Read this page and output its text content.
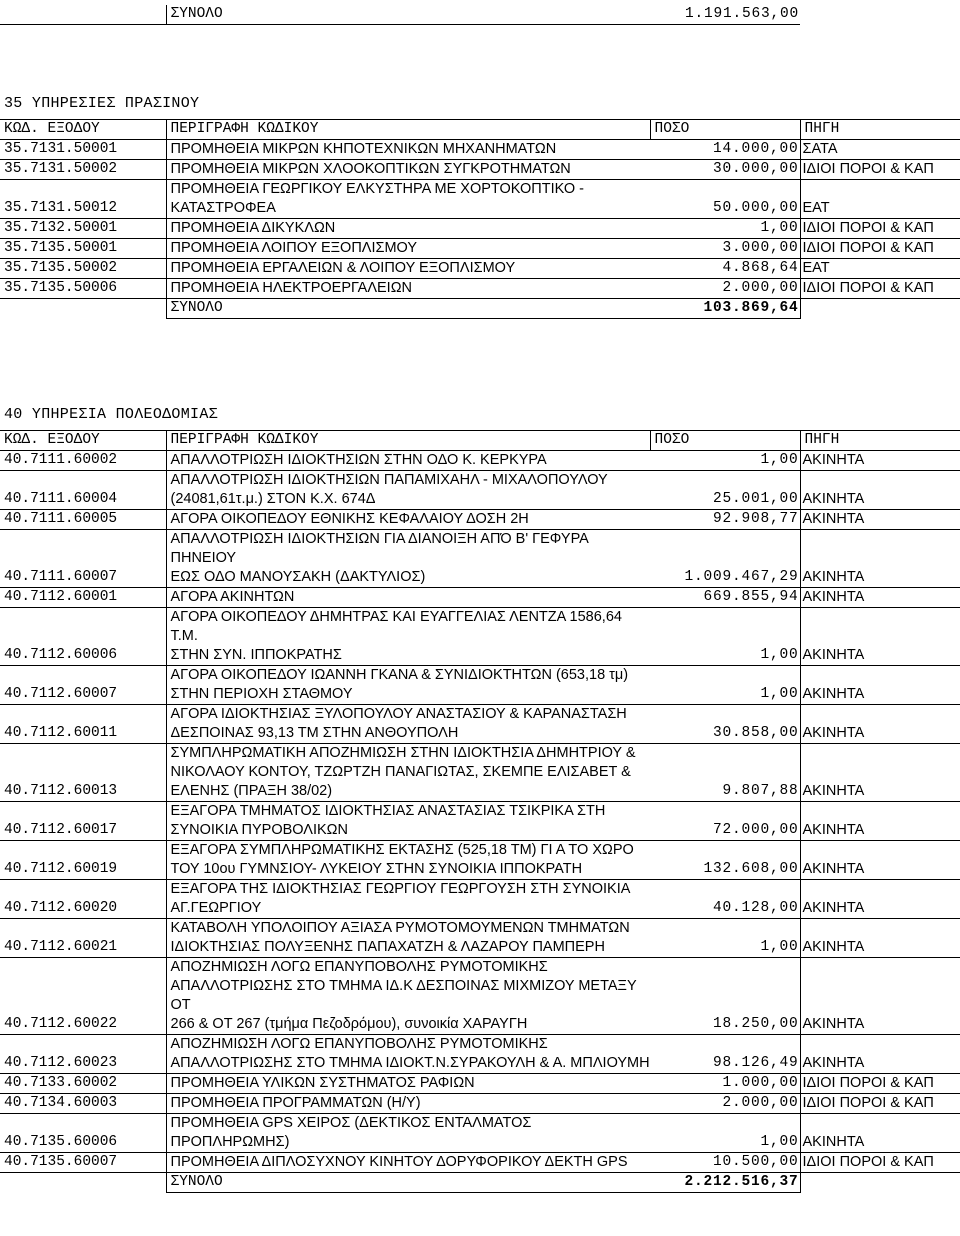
	ΣΥΝΟΛΟ	1.191.563,00
35 ΥΠΗΡΕΣΙΕΣ ΠΡΑΣΙΝΟΥ
ΚΩΔ. ΕΞΟΔΟΥ	ΠΕΡΙΓΡΑΦΗ ΚΩΔΙΚΟΥ	ΠΟΣΟ	ΠΗΓΗ
35.7131.50001	ΠΡΟΜΗΘΕΙΑ ΜΙΚΡΩΝ ΚΗΠΟΤΕΧΝΙΚΩΝ ΜΗΧΑΝΗΜΑΤΩΝ	14.000,00	ΣΑΤΑ
35.7131.50002	ΠΡΟΜΗΘΕΙΑ ΜΙΚΡΩΝ ΧΛΟΟΚΟΠΤΙΚΩΝ ΣΥΓΚΡΟΤΗΜΑΤΩΝ	30.000,00	ΙΔΙΟΙ ΠΟΡΟΙ & ΚΑΠ
35.7131.50012	ΠΡΟΜΗΘΕΙΑ ΓΕΩΡΓΙΚΟΥ ΕΛΚΥΣΤΗΡΑ ΜΕ ΧΟΡΤΟΚΟΠΤΙΚΟ -
ΚΑΤΑΣΤΡΟΦΕΑ	50.000,00	ΕΑΤ
35.7132.50001	ΠΡΟΜΗΘΕΙΑ ΔΙΚΥΚΛΩΝ	1,00	ΙΔΙΟΙ ΠΟΡΟΙ & ΚΑΠ
35.7135.50001	ΠΡΟΜΗΘΕΙΑ ΛΟΙΠΟΥ ΕΞΟΠΛΙΣΜΟΥ	3.000,00	ΙΔΙΟΙ ΠΟΡΟΙ & ΚΑΠ
35.7135.50002	ΠΡΟΜΗΘΕΙΑ ΕΡΓΑΛΕΙΩΝ & ΛΟΙΠΟΥ ΕΞΟΠΛΙΣΜΟΥ	4.868,64	ΕΑΤ
35.7135.50006	ΠΡΟΜΗΘΕΙΑ ΗΛΕΚΤΡΟΕΡΓΑΛΕΙΩΝ	2.000,00	ΙΔΙΟΙ ΠΟΡΟΙ & ΚΑΠ
	ΣΥΝΟΛΟ	103.869,64	
40 ΥΠΗΡΕΣΙΑ ΠΟΛΕΟΔΟΜΙΑΣ
ΚΩΔ. ΕΞΟΔΟΥ	ΠΕΡΙΓΡΑΦΗ ΚΩΔΙΚΟΥ	ΠΟΣΟ	ΠΗΓΗ
40.7111.60002	ΑΠΑΛΛΟΤΡΙΩΣΗ ΙΔΙΟΚΤΗΣΙΩΝ ΣΤΗΝ ΟΔΟ Κ. ΚΕΡΚΥΡΑ	1,00	ΑΚΙΝΗΤΑ
40.7111.60004	ΑΠΑΛΛΟΤΡΙΩΣΗ ΙΔΙΟΚΤΗΣΙΩΝ ΠΑΠΑΜΙΧΑΗΛ - ΜΙΧΑΛΟΠΟΥΛΟΥ
(24081,61τ.μ.) ΣΤΟΝ Κ.Χ. 674Δ	25.001,00	ΑΚΙΝΗΤΑ
40.7111.60005	ΑΓΟΡΑ ΟΙΚΟΠΕΔΟΥ ΕΘΝΙΚΗΣ ΚΕΦΑΛΑΙΟΥ ΔΟΣΗ 2Η	92.908,77	ΑΚΙΝΗΤΑ
40.7111.60007	ΑΠΑΛΛΟΤΡΙΩΣΗ ΙΔΙΟΚΤΗΣΙΩΝ ΓΙΑ ΔΙΑΝΟΙΞΗ ΑΠΌ Β' ΓΕΦΥΡΑ ΠΗΝΕΙΟΥ
ΕΩΣ ΟΔΟ ΜΑΝΟΥΣΑΚΗ (ΔΑΚΤΥΛΙΟΣ)	1.009.467,29	ΑΚΙΝΗΤΑ
40.7112.60001	ΑΓΟΡΑ ΑΚΙΝΗΤΩΝ	669.855,94	ΑΚΙΝΗΤΑ
40.7112.60006	ΑΓΟΡΑ ΟΙΚΟΠΕΔΟΥ ΔΗΜΗΤΡΑΣ ΚΑΙ ΕΥΑΓΓΕΛΙΑΣ ΛΕΝΤΖΑ 1586,64 Τ.Μ.
ΣΤΗΝ ΣΥΝ. ΙΠΠΟΚΡΑΤΗΣ	1,00	ΑΚΙΝΗΤΑ
40.7112.60007	ΑΓΟΡΑ ΟΙΚΟΠΕΔΟΥ ΙΩΑΝΝΗ ΓΚΑΝΑ & ΣΥΝΙΔΙΟΚΤΗΤΩΝ (653,18 τμ)
ΣΤΗΝ ΠΕΡΙΟΧΗ ΣΤΑΘΜΟΥ	1,00	ΑΚΙΝΗΤΑ
40.7112.60011	ΑΓΟΡΑ ΙΔΙΟΚΤΗΣΙΑΣ ΞΥΛΟΠΟΥΛΟΥ ΑΝΑΣΤΑΣΙΟΥ & ΚΑΡΑΝΑΣΤΑΣΗ
ΔΕΣΠΟΙΝΑΣ 93,13 ΤΜ ΣΤΗΝ ΑΝΘΟΥΠΟΛΗ	30.858,00	ΑΚΙΝΗΤΑ
40.7112.60013	ΣΥΜΠΛΗΡΩΜΑΤΙΚΗ ΑΠΟΖΗΜΙΩΣΗ ΣΤΗΝ ΙΔΙΟΚΤΗΣΙΑ ΔΗΜΗΤΡΙΟΥ &
ΝΙΚΟΛΑΟΥ ΚΟΝΤΟΥ, ΤΖΩΡΤΖΗ ΠΑΝΑΓΙΩΤΑΣ, ΣΚΕΜΠΕ ΕΛΙΣΑΒΕΤ &
ΕΛΕΝΗΣ (ΠΡΑΞΗ 38/02)	9.807,88	ΑΚΙΝΗΤΑ
40.7112.60017	ΕΞΑΓΟΡΑ ΤΜΗΜΑΤΟΣ ΙΔΙΟΚΤΗΣΙΑΣ ΑΝΑΣΤΑΣΙΑΣ ΤΣΙΚΡΙΚΑ ΣΤΗ
ΣΥΝΟΙΚΙΑ ΠΥΡΟΒΟΛΙΚΩΝ	72.000,00	ΑΚΙΝΗΤΑ
40.7112.60019	ΕΞΑΓΟΡΑ ΣΥΜΠΛΗΡΩΜΑΤΙΚΗΣ ΕΚΤΑΣΗΣ (525,18 ΤΜ) ΓΙ Α ΤΟ ΧΩΡΟ
ΤΟΥ 10ου ΓΥΜΝΣΙΟΥ- ΛΥΚΕΙΟΥ ΣΤΗΝ ΣΥΝΟΙΚΙΑ ΙΠΠΟΚΡΑΤΗ	132.608,00	ΑΚΙΝΗΤΑ
40.7112.60020	ΕΞΑΓΟΡΑ ΤΗΣ ΙΔΙΟΚΤΗΣΙΑΣ ΓΕΩΡΓΙΟΥ ΓΕΩΡΓΟΥΣΗ ΣΤΗ ΣΥΝΟΙΚΙΑ
ΑΓ.ΓΕΩΡΓΙΟΥ	40.128,00	ΑΚΙΝΗΤΑ
40.7112.60021	ΚΑΤΑΒΟΛΗ ΥΠΟΛΟΙΠΟΥ ΑΞΙΑΣΑ ΡΥΜΟΤΟΜΟΥΜΕΝΩΝ ΤΜΗΜΑΤΩΝ
ΙΔΙΟΚΤΗΣΙΑΣ ΠΟΛΥΞΕΝΗΣ ΠΑΠΑΧΑΤΖΗ & ΛΑΖΑΡΟΥ ΠΑΜΠΕΡΗ	1,00	ΑΚΙΝΗΤΑ
40.7112.60022	ΑΠΟΖΗΜΙΩΣΗ ΛΟΓΩ ΕΠΑΝΥΠΟΒΟΛΗΣ ΡΥΜΟΤΟΜΙΚΗΣ
ΑΠΑΛΛΟΤΡΙΩΣΗΣ ΣΤΟ ΤΜΗΜΑ ΙΔ.Κ ΔΕΣΠΟΙΝΑΣ ΜΙΧΜΙΖΟΥ ΜΕΤΑΞΥ ΟΤ
266 & ΟΤ 267 (τμήμα Πεζοδρόμου), συνοικία ΧΑΡΑΥΓΗ	18.250,00	ΑΚΙΝΗΤΑ
40.7112.60023	ΑΠΟΖΗΜΙΩΣΗ ΛΟΓΩ ΕΠΑΝΥΠΟΒΟΛΗΣ ΡΥΜΟΤΟΜΙΚΗΣ
ΑΠΑΛΛΟΤΡΙΩΣΗΣ ΣΤΟ ΤΜΗΜΑ ΙΔΙΟΚΤ.Ν.ΣΥΡΑΚΟΥΛΗ & Α. ΜΠΛΙΟΥΜΗ	98.126,49	ΑΚΙΝΗΤΑ
40.7133.60002	ΠΡΟΜΗΘΕΙΑ ΥΛΙΚΩΝ ΣΥΣΤΗΜΑΤΟΣ ΡΑΦΙΩΝ	1.000,00	ΙΔΙΟΙ ΠΟΡΟΙ & ΚΑΠ
40.7134.60003	ΠΡΟΜΗΘΕΙΑ ΠΡΟΓΡΑΜΜΑΤΩΝ (Η/Υ)	2.000,00	ΙΔΙΟΙ ΠΟΡΟΙ & ΚΑΠ
40.7135.60006	ΠΡΟΜΗΘΕΙΑ GPS ΧΕΙΡΟΣ (ΔΕΚΤΙΚΟΣ ΕΝΤΑΛΜΑΤΟΣ ΠΡΟΠΛΗΡΩΜΗΣ)	1,00	ΑΚΙΝΗΤΑ
40.7135.60007	ΠΡΟΜΗΘΕΙΑ ΔΙΠΛΟΣΥΧΝΟΥ ΚΙΝΗΤΟΥ ΔΟΡΥΦΟΡΙΚΟΥ ΔΕΚΤΗ GPS	10.500,00	ΙΔΙΟΙ ΠΟΡΟΙ & ΚΑΠ
	ΣΥΝΟΛΟ	2.212.516,37	
